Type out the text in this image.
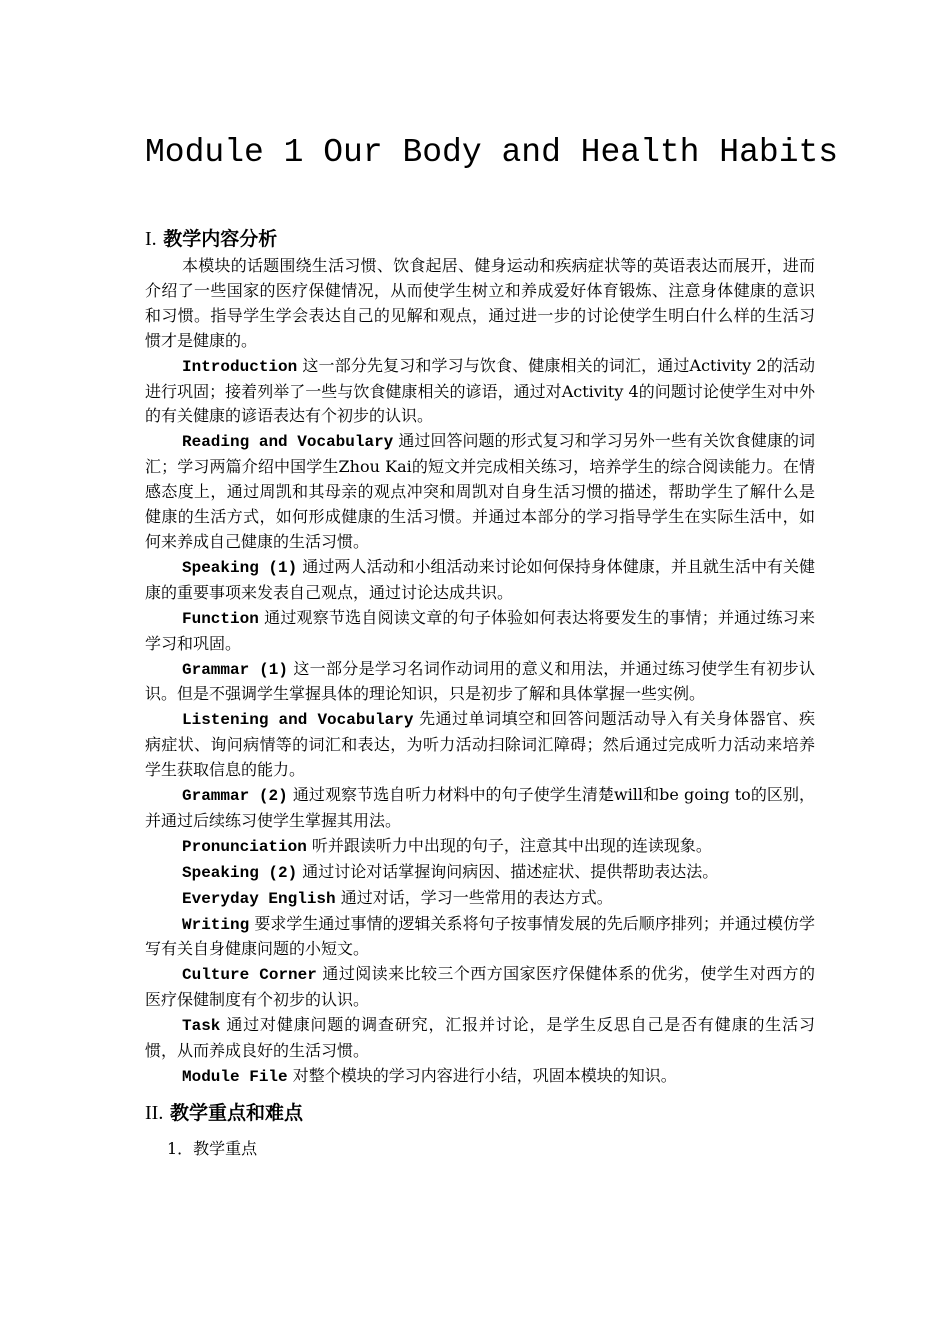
Module 1 Our Body and Health Habits
I. 教学内容分析

本模块的话题围绕生活习惯、饮食起居、健身运动和疾病症状等的英语表达而展开，进而介绍了一些国家的医疗保健情况，从而使学生树立和养成爱好体育锻炼、注意身体健康的意识和习惯。指导学生学会表达自己的见解和观点，通过进一步的讨论使学生明白什么样的生活习惯才是健康的。

Introduction 这一部分先复习和学习与饮食、健康相关的词汇，通过Activity 2的活动进行巩固；接着列举了一些与饮食健康相关的谚语，通过对Activity 4的问题讨论使学生对中外的有关健康的谚语表达有个初步的认识。

Reading and Vocabulary 通过回答问题的形式复习和学习另外一些有关饮食健康的词汇；学习两篇介绍中国学生Zhou Kai的短文并完成相关练习，培养学生的综合阅读能力。在情感态度上，通过周凯和其母亲的观点冲突和周凯对自身生活习惯的描述，帮助学生了解什么是健康的生活方式，如何形成健康的生活习惯。并通过本部分的学习指导学生在实际生活中，如何来养成自己健康的生活习惯。

Speaking (1) 通过两人活动和小组活动来讨论如何保持身体健康，并且就生活中有关健康的重要事项来发表自己观点，通过讨论达成共识。

Function 通过观察节选自阅读文章的句子体验如何表达将要发生的事情；并通过练习来学习和巩固。

Grammar (1) 这一部分是学习名词作动词用的意义和用法，并通过练习使学生有初步认识。但是不强调学生掌握具体的理论知识，只是初步了解和具体掌握一些实例。

Listening and Vocabulary 先通过单词填空和回答问题活动导入有关身体器官、疾病症状、询问病情等的词汇和表达，为听力活动扫除词汇障碍；然后通过完成听力活动来培养学生获取信息的能力。

Grammar (2) 通过观察节选自听力材料中的句子使学生清楚will和be going to的区别，并通过后续练习使学生掌握其用法。

Pronunciation 听并跟读听力中出现的句子，注意其中出现的连读现象。

Speaking (2) 通过讨论对话掌握询问病因、描述症状、提供帮助表达法。

Everyday English 通过对话，学习一些常用的表达方式。

Writing 要求学生通过事情的逻辑关系将句子按事情发展的先后顺序排列；并通过模仿学写有关自身健康问题的小短文。

Culture Corner 通过阅读来比较三个西方国家医疗保健体系的优劣，使学生对西方的医疗保健制度有个初步的认识。

Task 通过对健康问题的调查研究，汇报并讨论，是学生反思自己是否有健康的生活习惯，从而养成良好的生活习惯。

Module File 对整个模块的学习内容进行小结，巩固本模块的知识。

II. 教学重点和难点
1．教学重点
